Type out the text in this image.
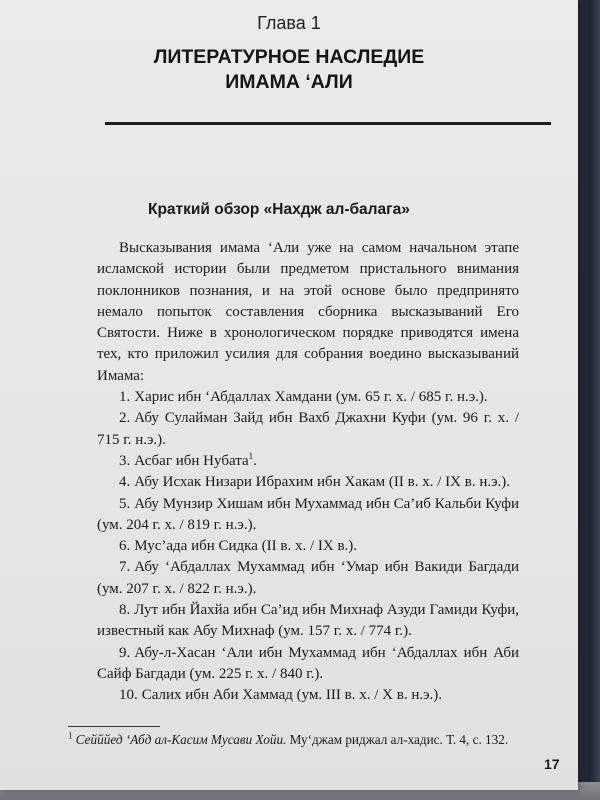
Глава 1
ЛИТЕРАТУРНОЕ НАСЛЕДИЕ
ИМАМА ‘АЛИ
Краткий обзор «Нахдж ал-балага»

Высказывания имама ‘Али уже на самом начальном этапе исламской истории были предметом пристального внимания поклонников познания, и на этой основе было предпринято немало попыток составления сборника высказываний Его Святости. Ниже в хронологическом порядке приводятся имена тех, кто приложил усилия для собрания воедино высказываний Имама:

1. Харис ибн ‘Абдаллах Хамдани (ум. 65 г. х. / 685 г. н.э.).
2. Абу Сулайман Зайд ибн Вахб Джахни Куфи (ум. 96 г. х. / 715 г. н.э.).
3. Асбаг ибн Нубата$^1$.
4. Абу Исхак Низари Ибрахим ибн Хакам (II в. х. / IX в. н.э.).
5. Абу Мунзир Хишам ибн Мухаммад ибн Са’иб Кальби Куфи (ум. 204 г. х. / 819 г. н.э.).
6. Мус’ада ибн Сидка (II в. х. / IX в.).
7. Абу ‘Абдаллах Мухаммад ибн ‘Умар ибн Вакиди Багдади (ум. 207 г. х. / 822 г. н.э.).
8. Лут ибн Йахйа ибн Са’ид ибн Михнаф Азуди Гамиди Куфи, известный как Абу Михнаф (ум. 157 г. х. / 774 г.).
9. Абу-л-Хасан ‘Али ибн Мухаммад ибн ‘Абдаллах ибн Аби Сайф Багдади (ум. 225 г. х. / 840 г.).
10. Салих ибн Аби Хаммад (ум. III в. х. / X в. н.э.).
$^1$ Сейййед ‘Абд ал-Касим Мусави Хойи. Му‘джам риджал ал-хадис. Т. 4, с. 132.
17
